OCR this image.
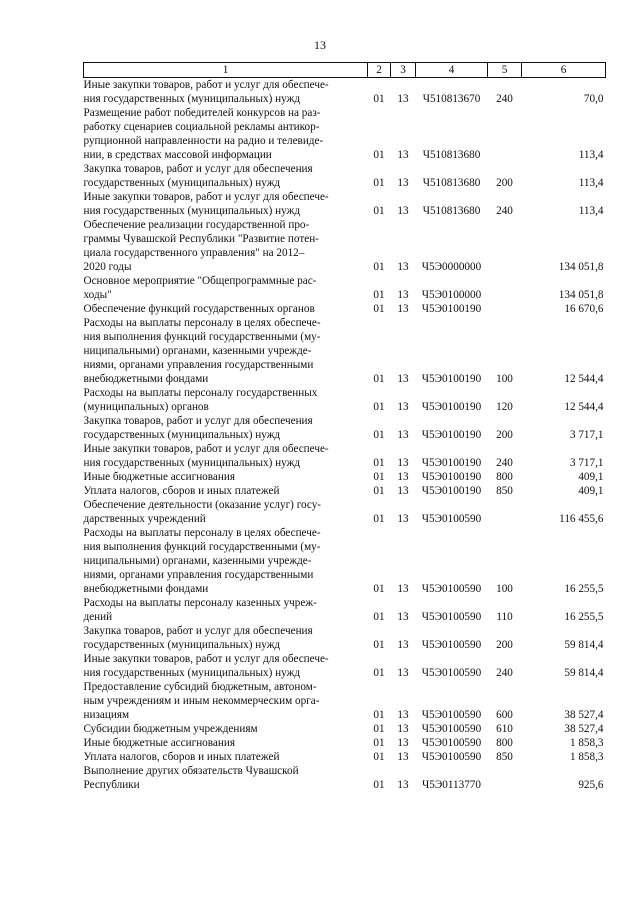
13
1	2	3	4	5	6

Иные закупки товаров, работ и услуг для обеспече-
ния государственных (муниципальных) нужд	01	13	Ч510813670	240	70,0

Размещение работ победителей конкурсов на раз-
работку сценариев социальной рекламы антикор-
рупционной направленности на радио и телевиде-
нии, в средствах массовой информации	01	13	Ч510813680		113,4

Закупка товаров, работ и услуг для обеспечения
государственных (муниципальных) нужд	01	13	Ч510813680	200	113,4

Иные закупки товаров, работ и услуг для обеспече-
ния государственных (муниципальных) нужд	01	13	Ч510813680	240	113,4

Обеспечение реализации государственной про-
граммы Чувашской Республики "Развитие потен-
циала государственного управления" на 2012–
2020 годы	01	13	Ч5Э0000000		134 051,8

Основное мероприятие "Общепрограммные рас-
ходы"	01	13	Ч5Э0100000		134 051,8

Обеспечение функций государственных органов	01	13	Ч5Э0100190		16 670,6

Расходы на выплаты персоналу в целях обеспече-
ния выполнения функций государственными (му-
ниципальными) органами, казенными учрежде-
ниями, органами управления государственными
внебюджетными фондами	01	13	Ч5Э0100190	100	12 544,4

Расходы на выплаты персоналу государственных
(муниципальных) органов	01	13	Ч5Э0100190	120	12 544,4

Закупка товаров, работ и услуг для обеспечения
государственных (муниципальных) нужд	01	13	Ч5Э0100190	200	3 717,1

Иные закупки товаров, работ и услуг для обеспече-
ния государственных (муниципальных) нужд	01	13	Ч5Э0100190	240	3 717,1

Иные бюджетные ассигнования	01	13	Ч5Э0100190	800	409,1

Уплата налогов, сборов и иных платежей	01	13	Ч5Э0100190	850	409,1

Обеспечение деятельности (оказание услуг) госу-
дарственных учреждений	01	13	Ч5Э0100590		116 455,6

Расходы на выплаты персоналу в целях обеспече-
ния выполнения функций государственными (му-
ниципальными) органами, казенными учрежде-
ниями, органами управления государственными
внебюджетными фондами	01	13	Ч5Э0100590	100	16 255,5

Расходы на выплаты персоналу казенных учреж-
дений	01	13	Ч5Э0100590	110	16 255,5

Закупка товаров, работ и услуг для обеспечения
государственных (муниципальных) нужд	01	13	Ч5Э0100590	200	59 814,4

Иные закупки товаров, работ и услуг для обеспече-
ния государственных (муниципальных) нужд	01	13	Ч5Э0100590	240	59 814,4

Предоставление субсидий бюджетным, автоном-
ным учреждениям и иным некоммерческим орга-
низациям	01	13	Ч5Э0100590	600	38 527,4

Субсидии бюджетным учреждениям	01	13	Ч5Э0100590	610	38 527,4

Иные бюджетные ассигнования	01	13	Ч5Э0100590	800	1 858,3

Уплата налогов, сборов и иных платежей	01	13	Ч5Э0100590	850	1 858,3

Выполнение других обязательств Чувашской
Республики	01	13	Ч5Э0113770		925,6
